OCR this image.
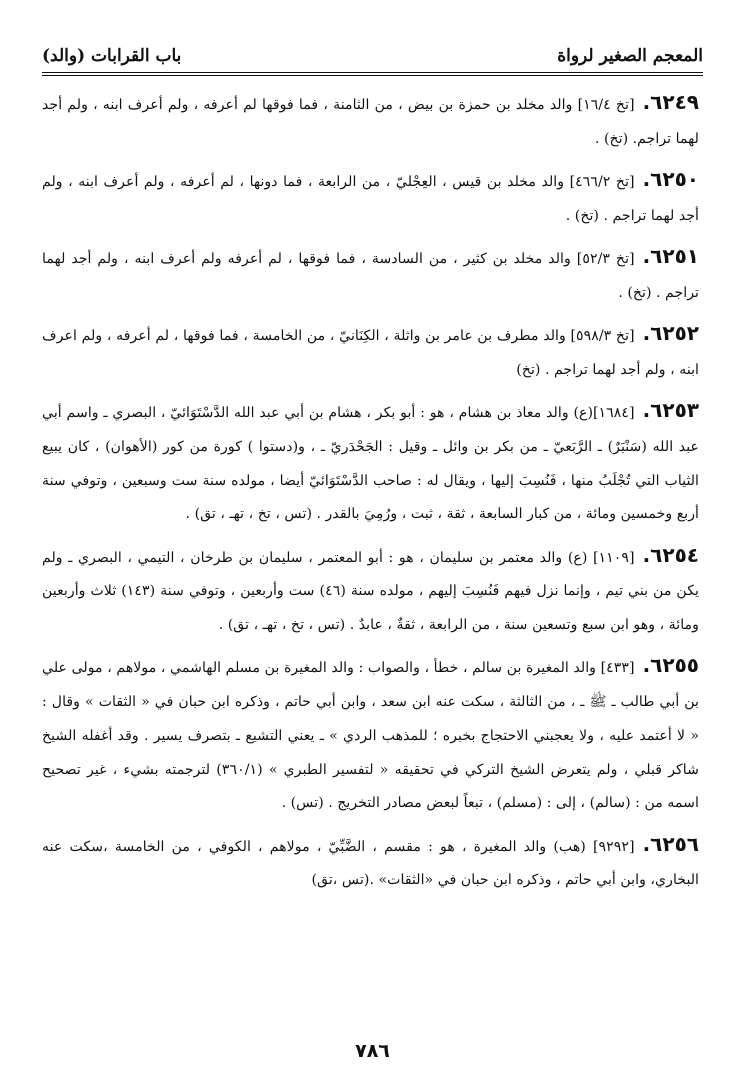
باب القرابات (والد)	المعجم الصغير لرواة

٦٢٤٩.[تخ ١٦/٤] والد مخلد بن حمزة بن بيض ، من الثامنة ، فما فوقها لم أعرفه ، ولم أعرف ابنه ، ولم أجد لهما تراجم. (تخ) .

٦٢٥٠.[تخ ٤٦٦/٢] والد مخلد بن قيس ، العِجْليّ ، من الرابعة ، فما دونها ، لم أعرفه ، ولم أعرف ابنه ، ولم أجد لهما تراجم . (تخ) .

٦٢٥١.[تخ ٥٢/٣] والد مخلد بن كثير ، من السادسة ، فما فوقها ، لم أعرفه ولم أعرف ابنه ، ولم أجد لهما تراجم . (تخ) .

٦٢٥٢.[تخ ٥٩٨/٣] والد مطرف بن عامر بن واثلة ، الكِنَانيّ ، من الخامسة ، فما فوقها ، لم أعرفه ، ولم اعرف ابنه ، ولم أجد لهما تراجم . (تخ)

٦٢٥٣.[١٦٨٤](ع) والد معاذ بن هشام ، هو : أبو بكر ، هشام بن أبي عبد الله الدَّسْتَوَائيّ ، البصري ـ واسم أبي عبد الله (سَنْبَرٌ) ـ الرَّبَعيّ ـ من بكر بن وائل ـ وقيل : الجَحْدَريّ ـ ، و(دستوا ) كورة من كور (الأهوان) ، كان يبيع الثياب التي تُجْلَبُ منها ، فَنُسِبَ إليها ، ويقال له : صاحب الدَّسْتَوَائيّ أيضا ، مولده سنة ست وسبعين ، وتوفي سنة أربع وخمسين ومائة ، من كبار السابعة ، ثقة ، ثبت ، ورُمِيَ بالقدر . (تس ، تخ ، تهـ ، تق) .

٦٢٥٤.[١١٠٩] (ع) والد معتمر بن سليمان ، هو : أبو المعتمر ، سليمان بن طرخان ، التيمي ، البصري ـ ولم يكن من بني تيم ، وإنما نزل فيهم فَنُسِبَ إليهم ، مولده سنة (٤٦) ست وأربعين ، وتوفي سنة (١٤٣) ثلاث وأربعين ومائة ، وهو ابن سبع وتسعين سنة ، من الرابعة ، ثقةٌ ، عابدٌ . (تس ، تخ ، تهـ ، تق) .

٦٢٥٥.[٤٣٣] والد المغيرة بن سالم ، خطأ ، والصواب : والد المغيرة بن مسلم الهاشمي ، مولاهم ، مولى علي بن أبي طالب ـ ﷺ ـ ، من الثالثة ، سكت عنه ابن سعد ، وابن أبي حاتم ، وذكره ابن حبان في « الثقات » وقال : « لا أعتمد عليه ، ولا يعجبني الاحتجاج بخبره ؛ للمذهب الردي » ـ يعني التشيع ـ بتصرف يسير . وقد أغفله الشيخ شاكر قبلي ، ولم يتعرض الشيخ التركي في تحقيقه « لتفسير الطبري » (٣٦٠/١) لترجمته بشيء ، غير تصحيح اسمه من : (سالم) ، إلى : (مسلم) ، تبعاً لبعض مصادر التخريج . (تس) .

٦٢٥٦.[٩٢٩٢] (هب) والد المغيرة ، هو : مقسم ، الضَّبِّيّ ، مولاهم ، الكوفي ، من الخامسة ،سكت عنه البخاري، وابن أبي حاتم ، وذكره ابن حبان في «الثقات» .(تس ،تق)

٧٨٦
